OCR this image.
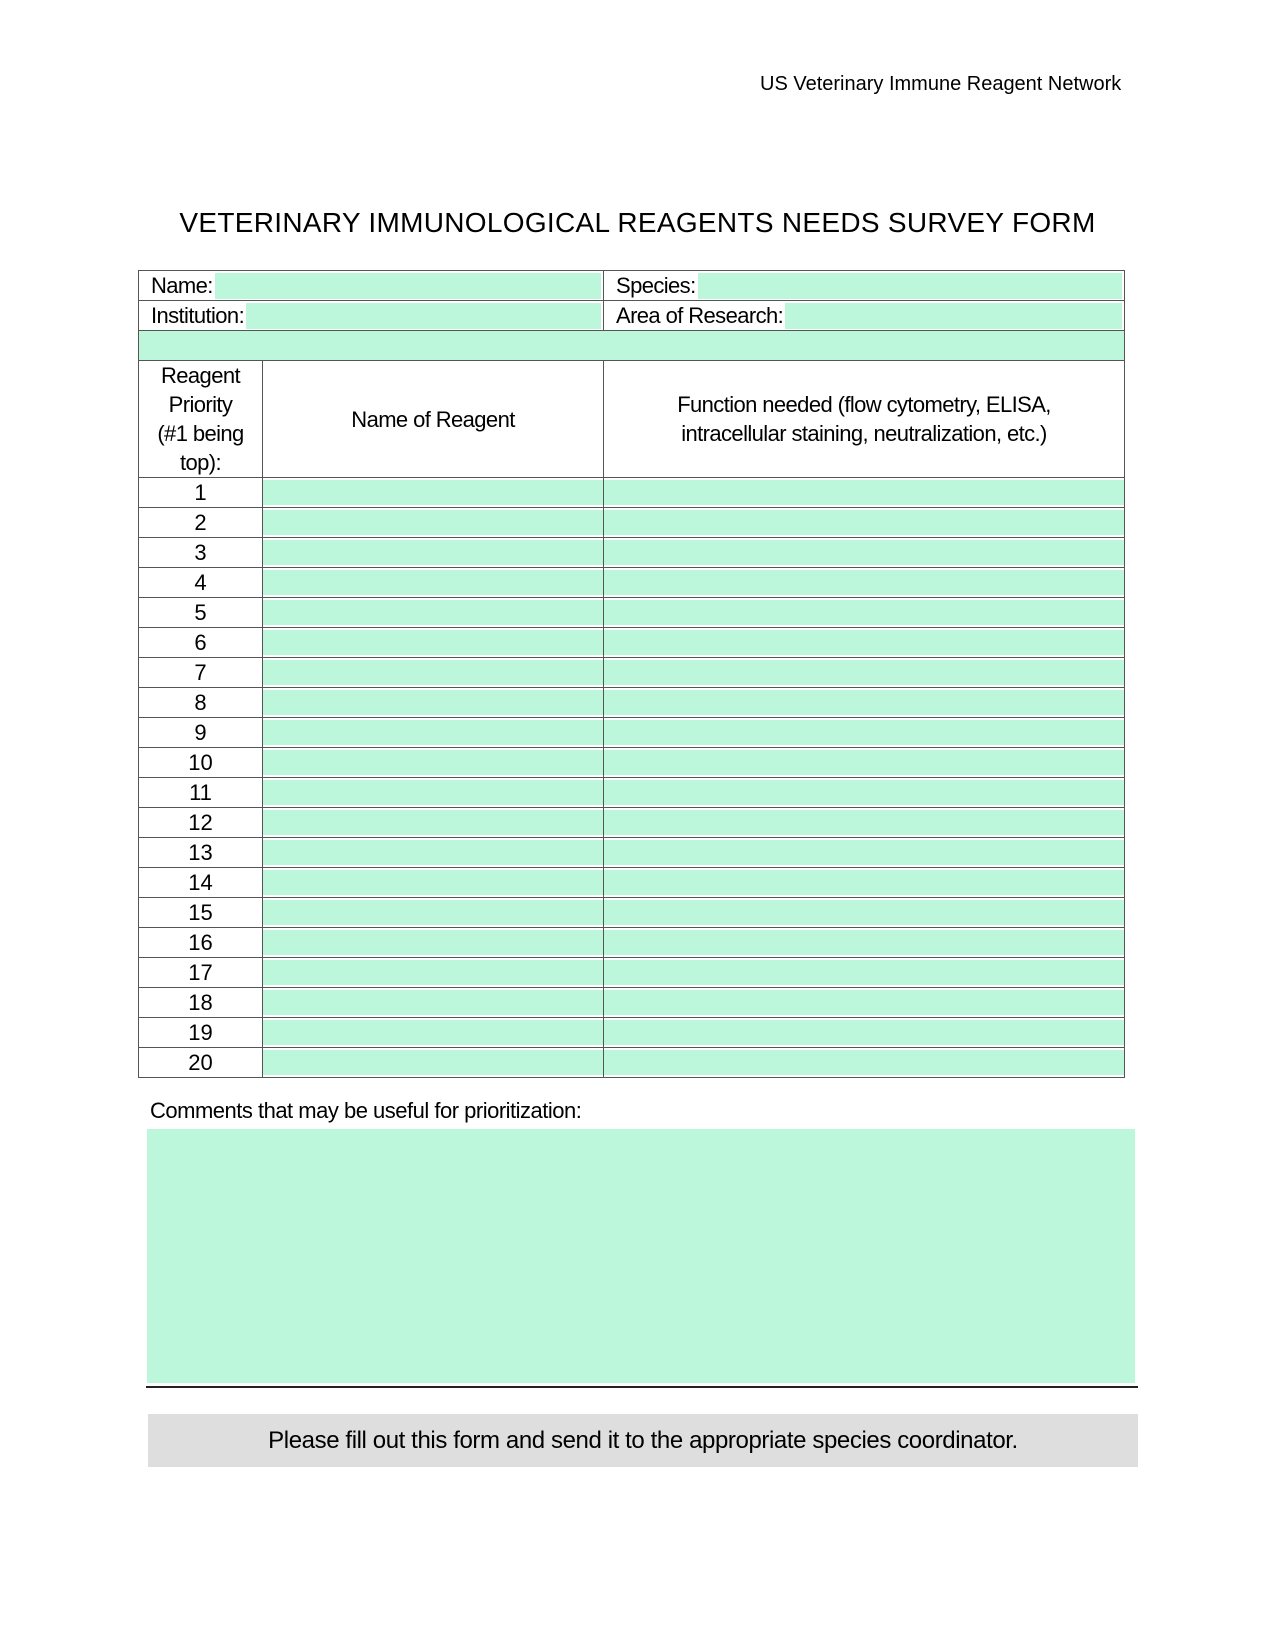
US Veterinary Immune Reagent Network
VETERINARY IMMUNOLOGICAL REAGENTS NEEDS SURVEY FORM
Name:		Species:

Institution:		Area of Research:

Reagent
Priority
(#1 being
top):	Name of Reagent	Function needed (flow cytometry, ELISA,
intracellular staining, neutralization, etc.)

1	

2	

3	

4	

5	

6	

7	

8	

9	

10	

11	

12	

13	

14	

15	

16	

17	

18	

19	

20	

Comments that may be useful for prioritization:
Please fill out this form and send it to the appropriate species coordinator.
